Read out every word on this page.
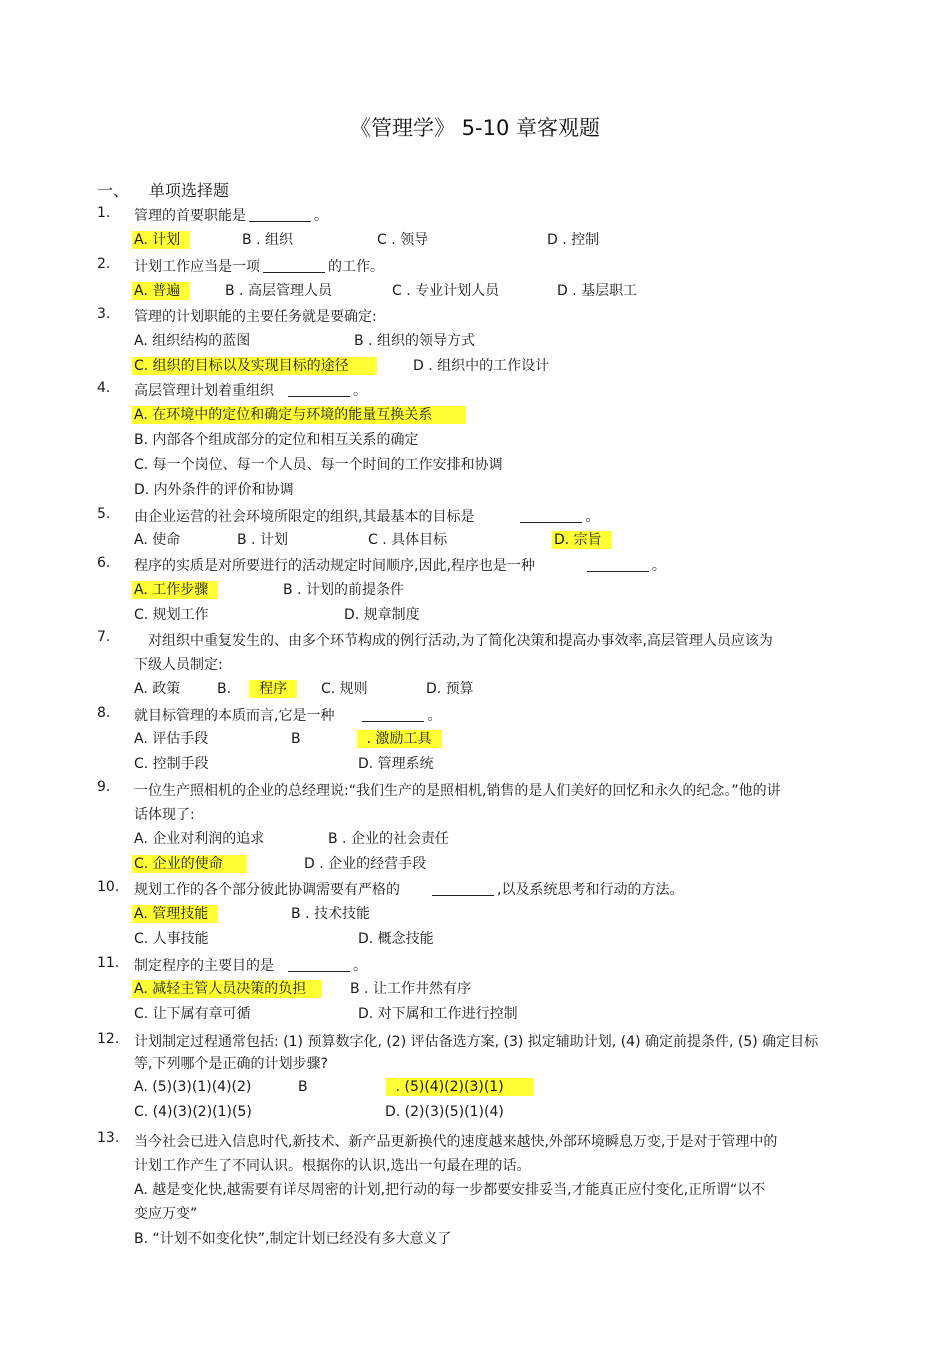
《管理学》 5-10 章客观题
一、 单项选择题
1. 管理的首要职能是	。
A. 计划	B . 组织	C . 领导	D . 控制
2. 计划工作应当是一项	的工作。
A. 普遍	B . 高层管理人员	C . 专业计划人员	D . 基层职工
3. 管理的计划职能的主要任务就是要确定:
A. 组织结构的蓝图	B . 组织的领导方式
C. 组织的目标以及实现目标的途径	D . 组织中的工作设计
4. 高层管理计划着重组织	。
A. 在环境中的定位和确定与环境的能量互换关系
B. 内部各个组成部分的定位和相互关系的确定
C. 每一个岗位、每一个人员、每一个时间的工作安排和协调
D. 内外条件的评价和协调
5. 由企业运营的社会环境所限定的组织,其最基本的目标是	。
A. 使命	B . 计划	C . 具体目标	D. 宗旨
6. 程序的实质是对所要进行的活动规定时间顺序,因此,程序也是一种	。
A. 工作步骤	B . 计划的前提条件
C. 规划工作	D. 规章制度
7.	对组织中重复发生的、由多个环节构成的例行活动,为了简化决策和提高办事效率,高层管理人员应该为下级人员制定:
A. 政策	B. 程序	C. 规则	D. 预算
8. 就目标管理的本质而言,它是一种	。
A. 评估手段	B	. 激励工具
C. 控制手段	D. 管理系统
9. 一位生产照相机的企业的总经理说:“我们生产的是照相机,销售的是人们美好的回忆和永久的纪念。”他的讲话体现了:
A. 企业对利润的追求	B . 企业的社会责任
C. 企业的使命	D . 企业的经营手段
10. 规划工作的各个部分彼此协调需要有严格的	,以及系统思考和行动的方法。
A. 管理技能	B . 技术技能
C. 人事技能	D. 概念技能
11. 制定程序的主要目的是	。
A. 减轻主管人员决策的负担	B . 让工作井然有序
C. 让下属有章可循	D. 对下属和工作进行控制
12. 计划制定过程通常包括: (1) 预算数字化, (2) 评估备选方案, (3) 拟定辅助计划, (4) 确定前提条件, (5) 确定目标等,下列哪个是正确的计划步骤?
A. (5)(3)(1)(4)(2)	B	. (5)(4)(2)(3)(1)
C. (4)(3)(2)(1)(5)	D. (2)(3)(5)(1)(4)
13. 当今社会已进入信息时代,新技术、新产品更新换代的速度越来越快,外部环境瞬息万变,于是对于管理中的计划工作产生了不同认识。根据你的认识,选出一句最在理的话。
A. 越是变化快,越需要有详尽周密的计划,把行动的每一步都要安排妥当,才能真正应付变化,正所谓“以不变应万变”
B. “计划不如变化快”,制定计划已经没有多大意义了
